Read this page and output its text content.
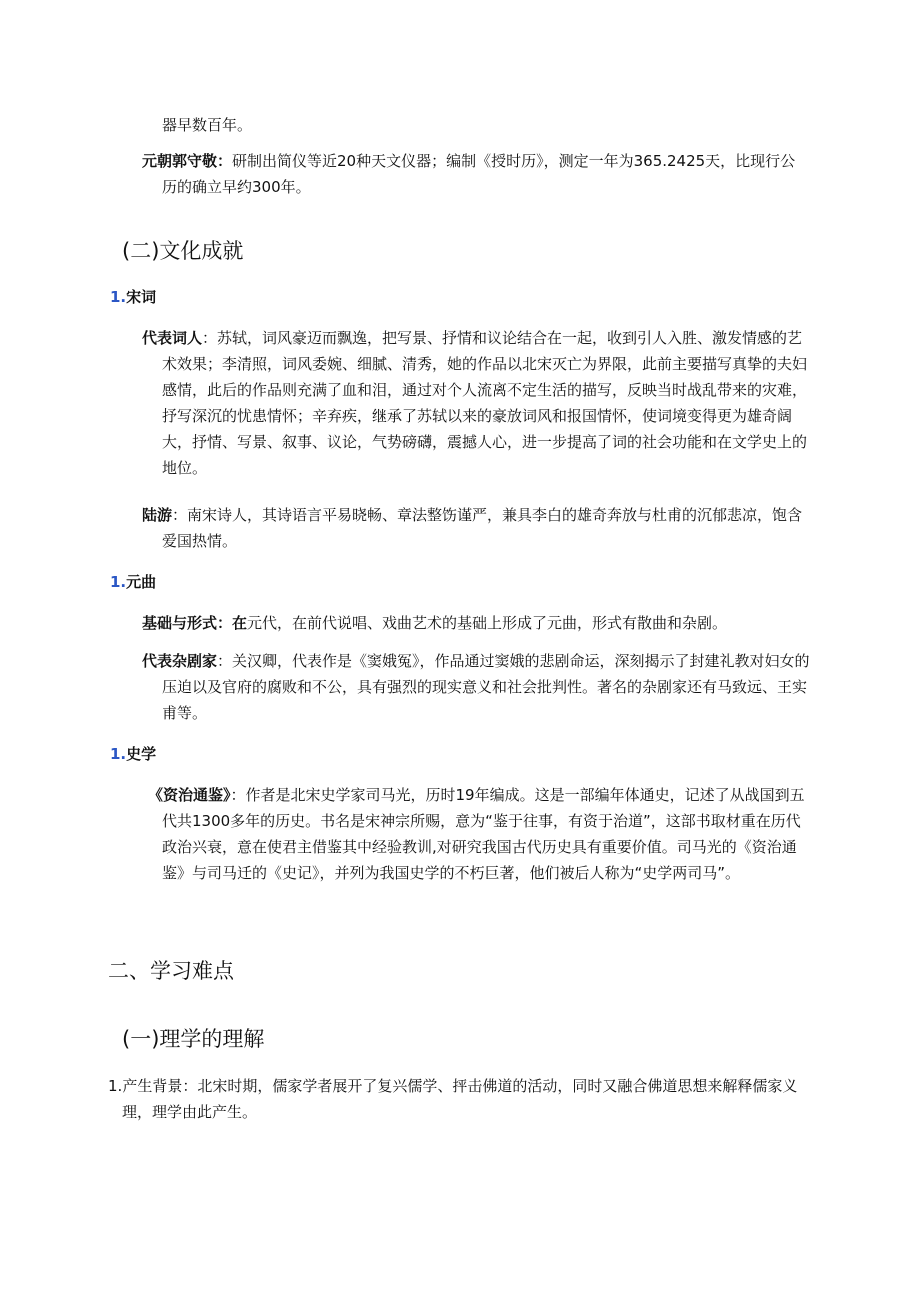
器早数百年。
元朝郭守敬：研制出简仪等近20种天文仪器；编制《授时历》，测定一年为365.2425天，比现行公历的确立早约300年。
(二)文化成就
1.宋词
代表词人：苏轼，词风豪迈而飘逸，把写景、抒情和议论结合在一起，收到引人入胜、激发情感的艺术效果；李清照，词风委婉、细腻、清秀，她的作品以北宋灭亡为界限，此前主要描写真挚的夫妇感情，此后的作品则充满了血和泪，通过对个人流离不定生活的描写，反映当时战乱带来的灾难，抒写深沉的忧患情怀；辛弃疾，继承了苏轼以来的豪放词风和报国情怀，使词境变得更为雄奇阔大，抒情、写景、叙事、议论，气势磅礴，震撼人心，进一步提高了词的社会功能和在文学史上的地位。
陆游：南宋诗人，其诗语言平易晓畅、章法整饬谨严，兼具李白的雄奇奔放与杜甫的沉郁悲凉，饱含爱国热情。
1.元曲
基础与形式：在元代，在前代说唱、戏曲艺术的基础上形成了元曲，形式有散曲和杂剧。
代表杂剧家：关汉卿，代表作是《窦娥冤》，作品通过窦娥的悲剧命运，深刻揭示了封建礼教对妇女的压迫以及官府的腐败和不公，具有强烈的现实意义和社会批判性。著名的杂剧家还有马致远、王实甫等。
1.史学
《资治通鉴》：作者是北宋史学家司马光，历时19年编成。这是一部编年体通史，记述了从战国到五代共1300多年的历史。书名是宋神宗所赐，意为“鉴于往事，有资于治道”，这部书取材重在历代政治兴衰，意在使君主借鉴其中经验教训,对研究我国古代历史具有重要价值。司马光的《资治通鉴》与司马迁的《史记》，并列为我国史学的不朽巨著，他们被后人称为“史学两司马”。
二、学习难点
(一)理学的理解
1.产生背景：北宋时期，儒家学者展开了复兴儒学、抨击佛道的活动，同时又融合佛道思想来解释儒家义理，理学由此产生。
